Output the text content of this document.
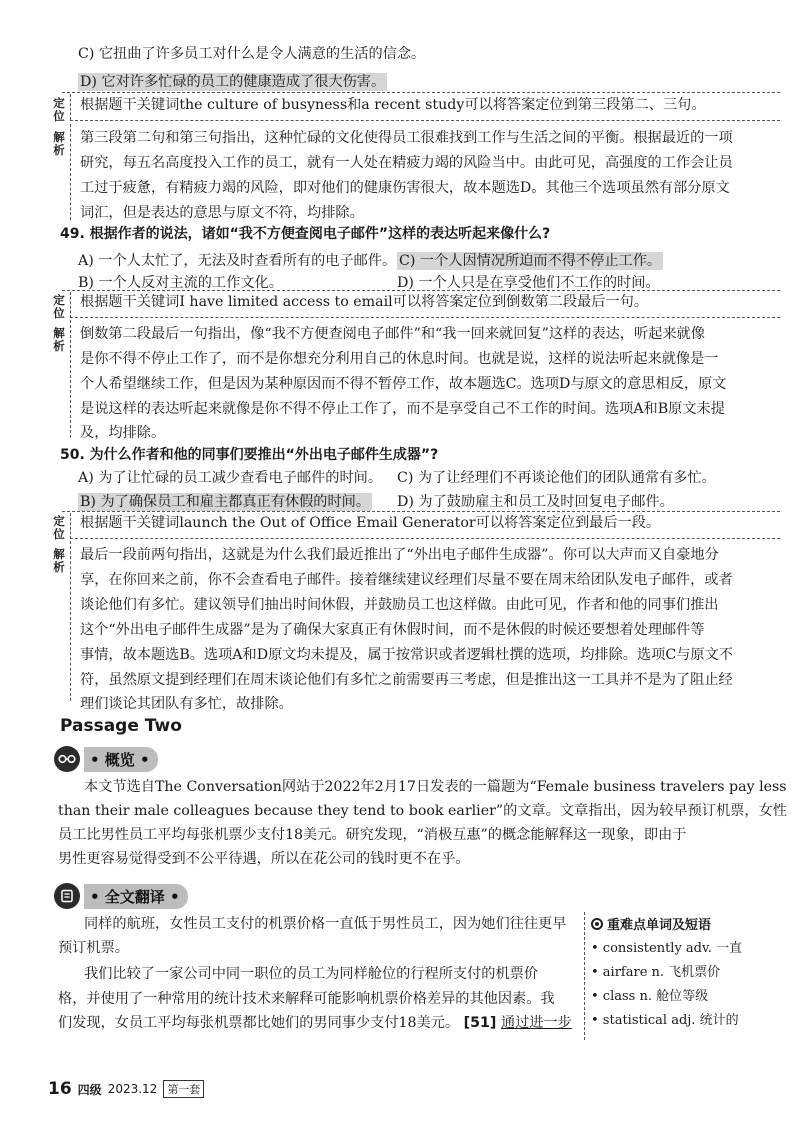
C) 它扭曲了许多员工对什么是令人满意的生活的信念。
D) 它对许多忙碌的员工的健康造成了很大伤害。
定
位
根据题干关键词the culture of busyness和a recent study可以将答案定位到第三段第二、三句。
解
析
第三段第二句和第三句指出，这种忙碌的文化使得员工很难找到工作与生活之间的平衡。根据最近的一项
研究，每五名高度投入工作的员工，就有一人处在精疲力竭的风险当中。由此可见，高强度的工作会让员
工过于疲惫，有精疲力竭的风险，即对他们的健康伤害很大，故本题选D。其他三个选项虽然有部分原文
词汇，但是表达的意思与原文不符，均排除。
49. 根据作者的说法，诸如“我不方便查阅电子邮件”这样的表达听起来像什么?
A) 一个人太忙了，无法及时查看所有的电子邮件。 C) 一个人因情况所迫而不得不停止工作。
B) 一个人反对主流的工作文化。	D) 一个人只是在享受他们不工作的时间。
定
位
根据题干关键词I have limited access to email可以将答案定位到倒数第二段最后一句。
解
析
倒数第二段最后一句指出，像“我不方便查阅电子邮件”和“我一回来就回复”这样的表达，听起来就像
是你不得不停止工作了，而不是你想充分利用自己的休息时间。也就是说，这样的说法听起来就像是一
个人希望继续工作，但是因为某种原因而不得不暂停工作，故本题选C。选项D与原文的意思相反，原文
是说这样的表达听起来就像是你不得不停止工作了，而不是享受自己不工作的时间。选项A和B原文未提
及，均排除。
50. 为什么作者和他的同事们要推出“外出电子邮件生成器”?
A) 为了让忙碌的员工减少查看电子邮件的时间。 C) 为了让经理们不再谈论他们的团队通常有多忙。
B) 为了确保员工和雇主都真正有休假的时间。 D) 为了鼓励雇主和员工及时回复电子邮件。
定
位
根据题干关键词launch the Out of Office Email Generator可以将答案定位到最后一段。
解
析
最后一段前两句指出，这就是为什么我们最近推出了“外出电子邮件生成器”。你可以大声而又自豪地分
享，在你回来之前，你不会查看电子邮件。接着继续建议经理们尽量不要在周末给团队发电子邮件，或者
谈论他们有多忙。建议领导们抽出时间休假，并鼓励员工也这样做。由此可见，作者和他的同事们推出
这个“外出电子邮件生成器”是为了确保大家真正有休假时间，而不是休假的时候还要想着处理邮件等
事情，故本题选B。选项A和D原文均未提及，属于按常识或者逻辑杜撰的选项，均排除。选项C与原文不
符，虽然原文提到经理们在周末谈论他们有多忙之前需要再三考虑，但是推出这一工具并不是为了阻止经
理们谈论其团队有多忙，故排除。
Passage Two
• 概览 •
本文节选自The Conversation网站于2022年2月17日发表的一篇题为“Female business travelers pay less
than their male colleagues because they tend to book earlier”的文章。文章指出，因为较早预订机票，女性
员工比男性员工平均每张机票少支付18美元。研究发现，“消极互惠”的概念能解释这一现象，即由于
男性更容易觉得受到不公平待遇，所以在花公司的钱时更不在乎。
• 全文翻译 •
同样的航班，女性员工支付的机票价格一直低于男性员工，因为她们往往更早
预订机票。
我们比较了一家公司中同一职位的员工为同样舱位的行程所支付的机票价
格，并使用了一种常用的统计技术来解释可能影响机票价格差异的其他因素。我
们发现，女员工平均每张机票都比她们的男同事少支付18美元。 [51] 通过进一步
重难点单词及短语
• consistently adv. 一直
• airfare n. 飞机票价
• class n. 舱位等级
• statistical adj. 统计的
16 四级 2023.12 第一套
